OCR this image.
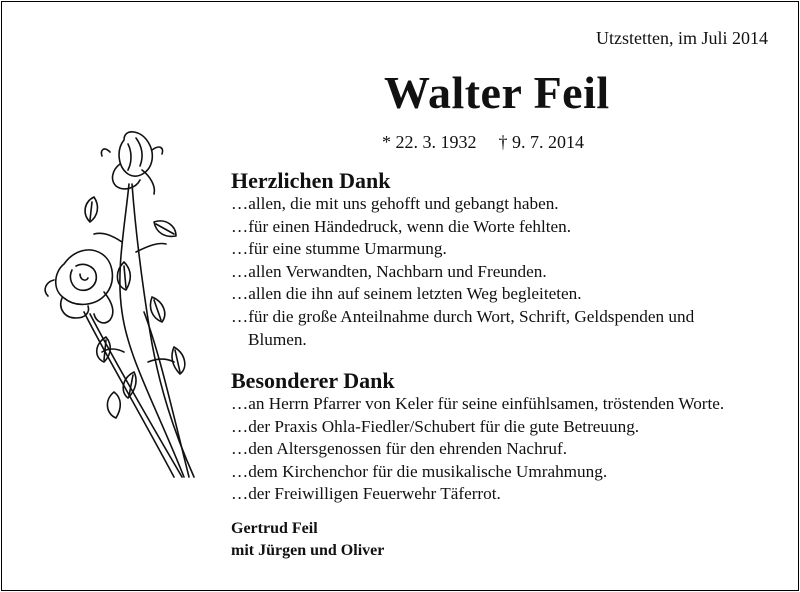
Utzstetten, im Juli 2014
Walter Feil
* 22. 3. 1932 † 9. 7. 2014
Herzlichen Dank
…allen, die mit uns gehofft und gebangt haben.
…für einen Händedruck, wenn die Worte fehlten.
…für eine stumme Umarmung.
…allen Verwandten, Nachbarn und Freunden.
…allen die ihn auf seinem letzten Weg begleiteten.
…für die große Anteilnahme durch Wort, Schrift, Geldspenden und
Blumen.
Besonderer Dank
…an Herrn Pfarrer von Keler für seine einfühlsamen, tröstenden Worte.
…der Praxis Ohla-Fiedler/Schubert für die gute Betreuung.
…den Altersgenossen für den ehrenden Nachruf.
…dem Kirchenchor für die musikalische Umrahmung.
…der Freiwilligen Feuerwehr Täferrot.
Gertrud Feil
mit Jürgen und Oliver
